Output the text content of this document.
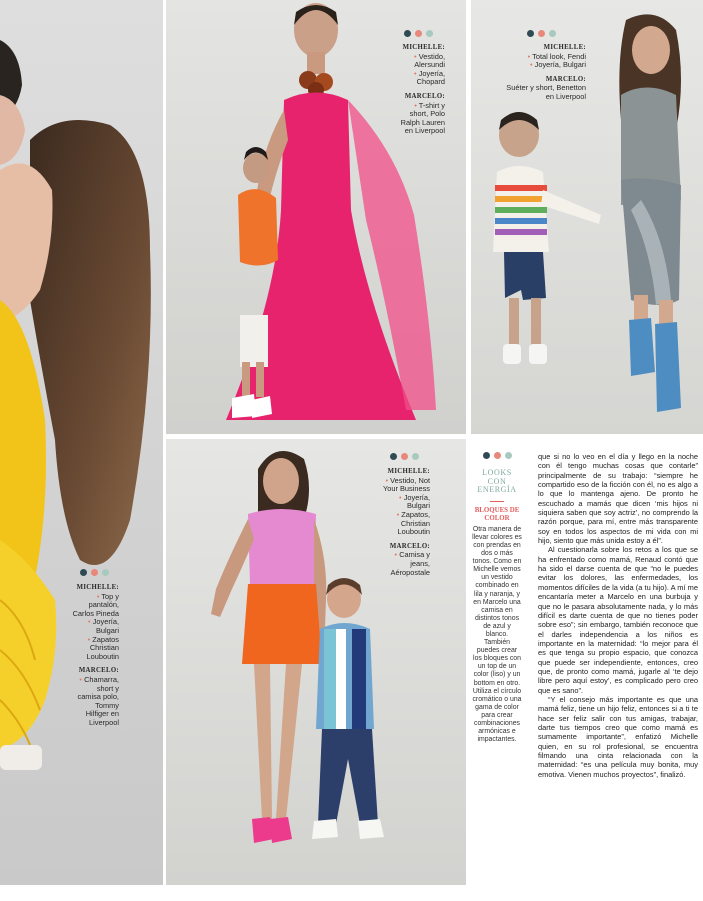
MICHELLE:
• Vestido, Alersundi
• Joyería, Chopard
MARCELO:
• T-shirt y short, Polo Ralph Lauren en Liverpool
MICHELLE:
• Total look, Fendi
• Joyería, Bulgari
MARCELO:
Suéter y short, Benetton en Liverpool
MICHELLE:
• Top y pantalón, Carlos Pineda
• Joyería, Bulgari
• Zapatos Christian Louboutin
MARCELO:
• Chamarra, short y camisa polo, Tommy Hilfiger en Liverpool
MICHELLE:
• Vestido, Not Your Business
• Joyería, Bulgari
• Zapatos, Christian Louboutin
MARCELO:
• Camisa y jeans, Aéropostale
LOOKS CON ENERGÍA
BLOQUES DE COLOR
Otra manera de llevar colores es con prendas en dos o más tonos. Como en Michelle vemos un vestido combinado en lila y naranja, y en Marcelo una camisa en distintos tonos de azul y blanco. También puedes crear los bloques con un top de un color (liso) y un bottom en otro. Utiliza el círculo cromático o una gama de color para crear combinaciones armónicas e impactantes.

que si no lo veo en el día y llego en la noche con él tengo muchas cosas que contarle” principalmente de su trabajo: “siempre he compartido eso de la ficción con él, no es algo a lo que lo mantenga ajeno. De pronto he escuchado a mamás que dicen ‘mis hijos ni siquiera saben que soy actriz’, no comprendo la razón porque, para mí, entre más transparente soy en todos los aspectos de mi vida con mi hijo, siento que más unida estoy a él”.

Al cuestionarla sobre los retos a los que se ha enfrentado como mamá, Renaud contó que ha sido el darse cuenta de que “no le puedes evitar los dolores, las enfermedades, los momentos difíciles de la vida (a tu hijo). A mí me encantaría meter a Marcelo en una burbuja y que no le pasara absolutamente nada, y lo más difícil es darte cuenta de que no tienes poder sobre eso”; sin embargo, también reconoce que el darles independencia a los niños es importante en la maternidad: “lo mejor para él es que tenga su propio espacio, que conozca que puede ser independiente, entonces, creo que, de pronto como mamá, jugarle al ‘te dejo libre pero aquí estoy’, es complicado pero creo que es sano”.

“Y el consejo más importante es que una mamá feliz, tiene un hijo feliz, entonces si a ti te hace ser feliz salir con tus amigas, trabajar, darte tus tiempos creo que como mamá es sumamente importante”, enfatizó Michelle quien, en su rol profesional, se encuentra filmando una cinta relacionada con la maternidad: “es una película muy bonita, muy emotiva. Vienen muchos proyectos”, finalizó.
